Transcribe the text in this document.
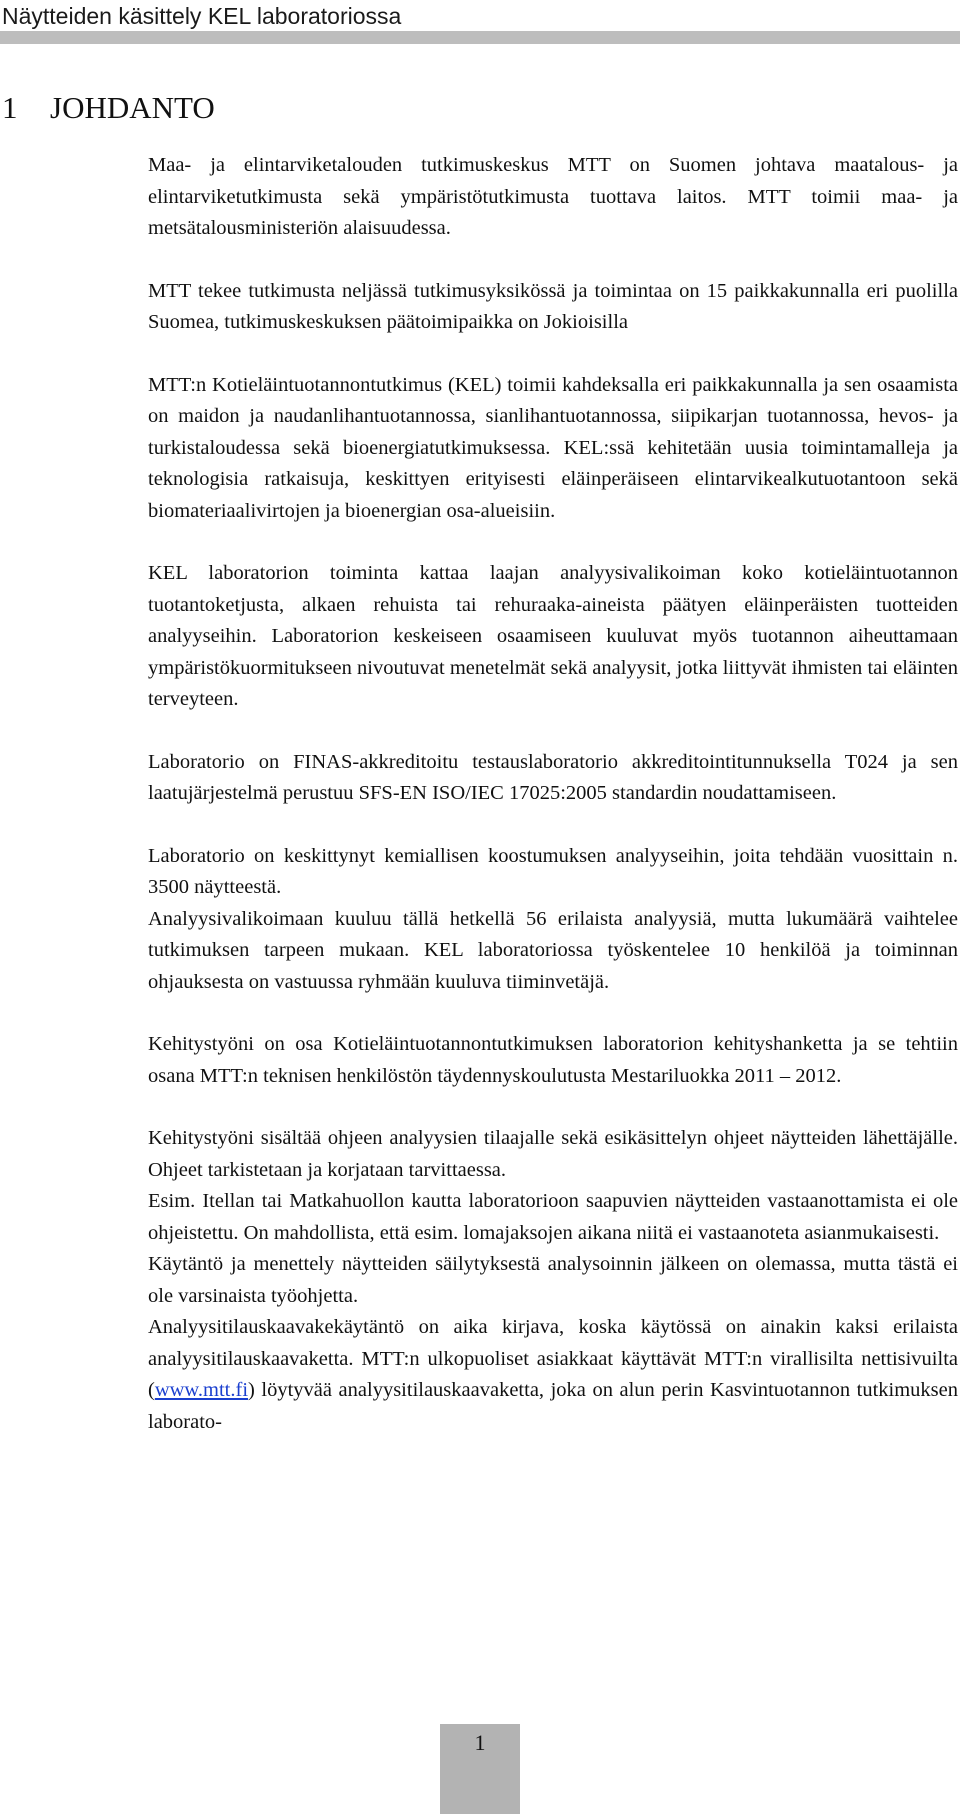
Näytteiden käsittely KEL laboratoriossa
1 JOHDANTO

Maa- ja elintarviketalouden tutkimuskeskus MTT on Suomen johtava maatalous- ja elintarviketutkimusta sekä ympäristötutkimusta tuottava laitos. MTT toimii maa- ja metsätalousministeriön alaisuudessa.

MTT tekee tutkimusta neljässä tutkimusyksikössä ja toimintaa on 15 paikkakunnalla eri puolilla Suomea, tutkimuskeskuksen päätoimipaikka on Jokioisilla

MTT:n Kotieläintuotannontutkimus (KEL) toimii kahdeksalla eri paikkakunnalla ja sen osaamista on maidon ja naudanlihantuotannossa, sianlihantuotannossa, siipikarjan tuotannossa, hevos- ja turkistaloudessa sekä bioenergiatutkimuksessa. KEL:ssä kehitetään uusia toimintamalleja ja teknologisia ratkaisuja, keskittyen erityisesti eläinperäiseen elintarvikealkutuotantoon sekä biomateriaalivirtojen ja bioenergian osa-alueisiin.

KEL laboratorion toiminta kattaa laajan analyysivalikoiman koko kotieläintuotannon tuotantoketjusta, alkaen rehuista tai rehuraaka-aineista päätyen eläinperäisten tuotteiden analyyseihin. Laboratorion keskeiseen osaamiseen kuuluvat myös tuotannon aiheuttamaan ympäristökuormitukseen nivoutuvat menetelmät sekä analyysit, jotka liittyvät ihmisten tai eläinten terveyteen.

Laboratorio on FINAS-akkreditoitu testauslaboratorio akkreditointitunnuksella T024 ja sen laatujärjestelmä perustuu SFS-EN ISO/IEC 17025:2005 standardin noudattamiseen.

Laboratorio on keskittynyt kemiallisen koostumuksen analyyseihin, joita tehdään vuosittain n. 3500 näytteestä.

Analyysivalikoimaan kuuluu tällä hetkellä 56 erilaista analyysiä, mutta lukumäärä vaihtelee tutkimuksen tarpeen mukaan. KEL laboratoriossa työskentelee 10 henkilöä ja toiminnan ohjauksesta on vastuussa ryhmään kuuluva tiiminvetäjä.

Kehitystyöni on osa Kotieläintuotannontutkimuksen laboratorion kehityshanketta ja se tehtiin osana MTT:n teknisen henkilöstön täydennyskoulutusta Mestariluokka 2011 – 2012.

Kehitystyöni sisältää ohjeen analyysien tilaajalle sekä esikäsittelyn ohjeet näytteiden lähettäjälle. Ohjeet tarkistetaan ja korjataan tarvittaessa.

Esim. Itellan tai Matkahuollon kautta laboratorioon saapuvien näytteiden vastaanottamista ei ole ohjeistettu. On mahdollista, että esim. lomajaksojen aikana niitä ei vastaanoteta asianmukaisesti.

Käytäntö ja menettely näytteiden säilytyksestä analysoinnin jälkeen on olemassa, mutta tästä ei ole varsinaista työohjetta.

Analyysitilauskaavakekäytäntö on aika kirjava, koska käytössä on ainakin kaksi erilaista analyysitilauskaavaketta. MTT:n ulkopuoliset asiakkaat käyttävät MTT:n virallisilta nettisivuilta (www.mtt.fi) löytyvää analyysitilauskaavaketta, joka on alun perin Kasvintuotannon tutkimuksen laborato-

1
